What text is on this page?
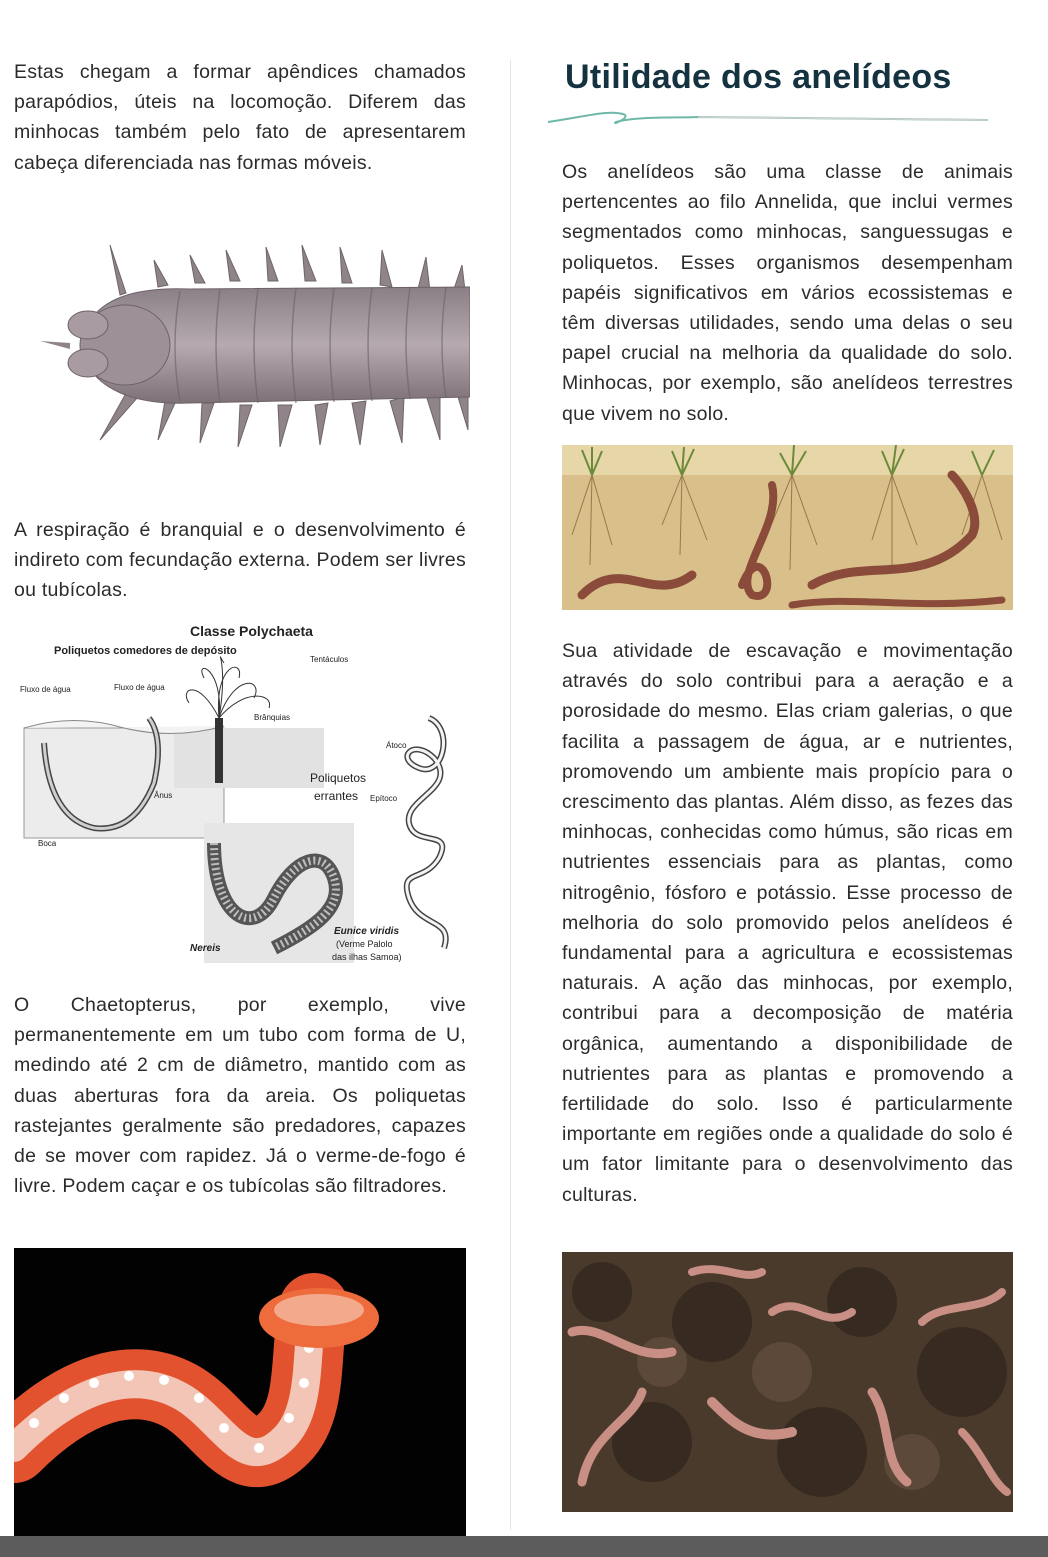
Estas chegam a formar apêndices chamados parapódios, úteis na locomoção. Diferem das minhocas também pelo fato de apresentarem cabeça diferenciada nas formas móveis.

A respiração é branquial e o desenvolvimento é indireto com fecundação externa. Podem ser livres ou tubícolas.

Classe Polychaeta
Poliquetos comedores de depósito
Tentáculos
Fluxo de água	Fluxo de água
Ânus
Boca
Brânquias
Átoco
Poliquetos
errantes Epítoco
Eunice viridis
(Verme Palolo
das ilhas Samoa)
Nereis

O Chaetopterus, por exemplo, vive permanentemente em um tubo com forma de U, medindo até 2 cm de diâmetro, mantido com as duas aberturas fora da areia. Os poliquetas rastejantes geralmente são predadores, capazes de se mover com rapidez. Já o verme-de-fogo é livre. Podem caçar e os tubícolas são filtradores.

Utilidade dos anelídeos

Os anelídeos são uma classe de animais pertencentes ao filo Annelida, que inclui vermes segmentados como minhocas, sanguessugas e poliquetos. Esses organismos desempenham papéis significativos em vários ecossistemas e têm diversas utilidades, sendo uma delas o seu papel crucial na melhoria da qualidade do solo. Minhocas, por exemplo, são anelídeos terrestres que vivem no solo.

Sua atividade de escavação e movimentação através do solo contribui para a aeração e a porosidade do mesmo. Elas criam galerias, o que facilita a passagem de água, ar e nutrientes, promovendo um ambiente mais propício para o crescimento das plantas. Além disso, as fezes das minhocas, conhecidas como húmus, são ricas em nutrientes essenciais para as plantas, como nitrogênio, fósforo e potássio. Esse processo de melhoria do solo promovido pelos anelídeos é fundamental para a agricultura e ecossistemas naturais. A ação das minhocas, por exemplo, contribui para a decomposição de matéria orgânica, aumentando a disponibilidade de nutrientes para as plantas e promovendo a fertilidade do solo. Isso é particularmente importante em regiões onde a qualidade do solo é um fator limitante para o desenvolvimento das culturas.
